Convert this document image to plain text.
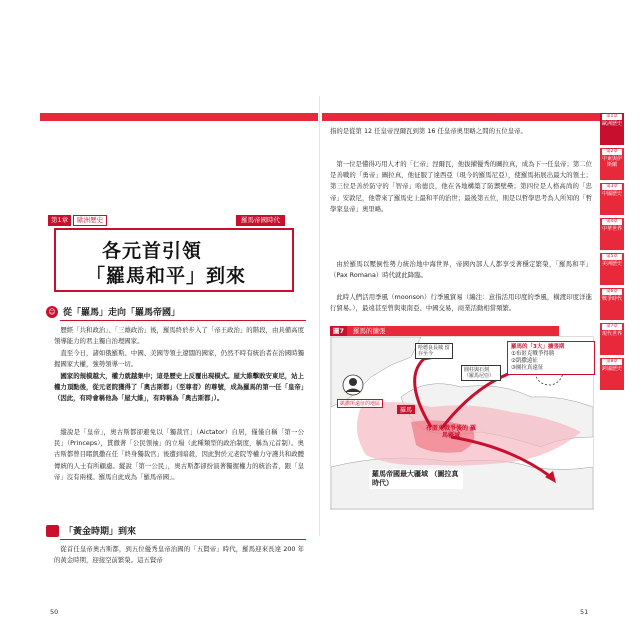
第1章	歐洲歷史	羅馬帝國時代
各元首引領
「羅馬和平」到來
☺ 從「羅馬」走向「羅馬帝國」
歷經「共和政治」、「三雄政治」後，羅馬終於步入了「帝王政治」的階段，由具備高度領導能力的君主獨自治理國家。
直至今日，諸如俄羅斯、中國、美國等領土遼闊的國家，仍然不時有統治者在治國時獨握國家大權，強勢領導一切。
國家的規模越大，權力就越集中；這是歷史上反覆出現模式。屋大維擊敗安東尼，站上權力頂點後，從元老院獲得了「奧古斯都」（至尊者）的尊號，成為羅馬的第一任「皇帝」（因此，有時會稱他為「屋大維」，有時稱為「奧古斯都」）。
縱說是「皇帝」，奧古斯都卻避免以「獨裁官」（Aictator）自居，僅僅自稱「第一公民」（Princeps），貫徹著「公民領袖」的立場（此種類型的政治制度，稱為元首制）。奧古斯都曾目睹凱撒在任「終身獨裁官」後遭到暗殺，因此對於元老院等權力守護共和政體傳統的人士有所顧慮。縱說「第一公民」，奧古斯都卻扮演著獨握權力的統治者，跟「皇帝」沒有兩樣。羅馬自此成為「羅馬帝國」。
「黃金時期」到來
從首任皇帝奧古斯都，到五位優秀皇帝治國的「五賢帝」時代，羅馬迎來長達 200 年的黃金時期，迎接空前繁榮。這五賢帝
50
指的是從第 12 任皇帝涅爾瓦到第 16 任皇帝奧里略之間的五位皇帝。
第一位是懂得巧用人才的「仁帝」涅爾瓦，他拔擢優秀的圖拉真，成為下一任皇帝；第二位是善戰的「勇帝」圖拉真，他征服了達西亞（現今的羅馬尼亞），使羅馬拓展出最大的領土；第三位是善於防守的「智帝」哈德良，他在各地構築了防禦壁壘；第四位是人格高尚的「忠帝」安敦尼，他帶來了羅馬史上最和平的治世；最後第五位，則是以哲學思考為人所知的「哲學家皇帝」奧里略。
由於羅馬以壓倒性勢力統治地中海世界，帝國內部人人都享受著穩定繁榮，「羅馬和平」（Pax Romana）時代就此降臨。
此時人們活用季風（moonson）行季風貿易（編注：意指活用印度的季風，橫渡印度洋進行貿易。），最遠甚至曾與東南亞、中國交易，商業活動相當頻繁。
51
圖7	羅馬的擴張
哈德良長城 留存至今
圓柱與石刻 （羅馬尼亞）
羅馬的「3大」擴張期
①布匿克戰爭得勝
②凱撒遠征
③圖拉真遠征
凱撒所遠征的地區
羅馬
布匿克戰爭後的 羅馬疆域
羅馬帝國最大疆域 （圖拉真時代）
第1章
歐洲歷史
第2章
中東與伊斯蘭
第3章
中國歷史
第4章
中華世界
第5章
美洲歷史
第6章
戰爭時代
第7章
現代世界
第8章
跨國歷史
